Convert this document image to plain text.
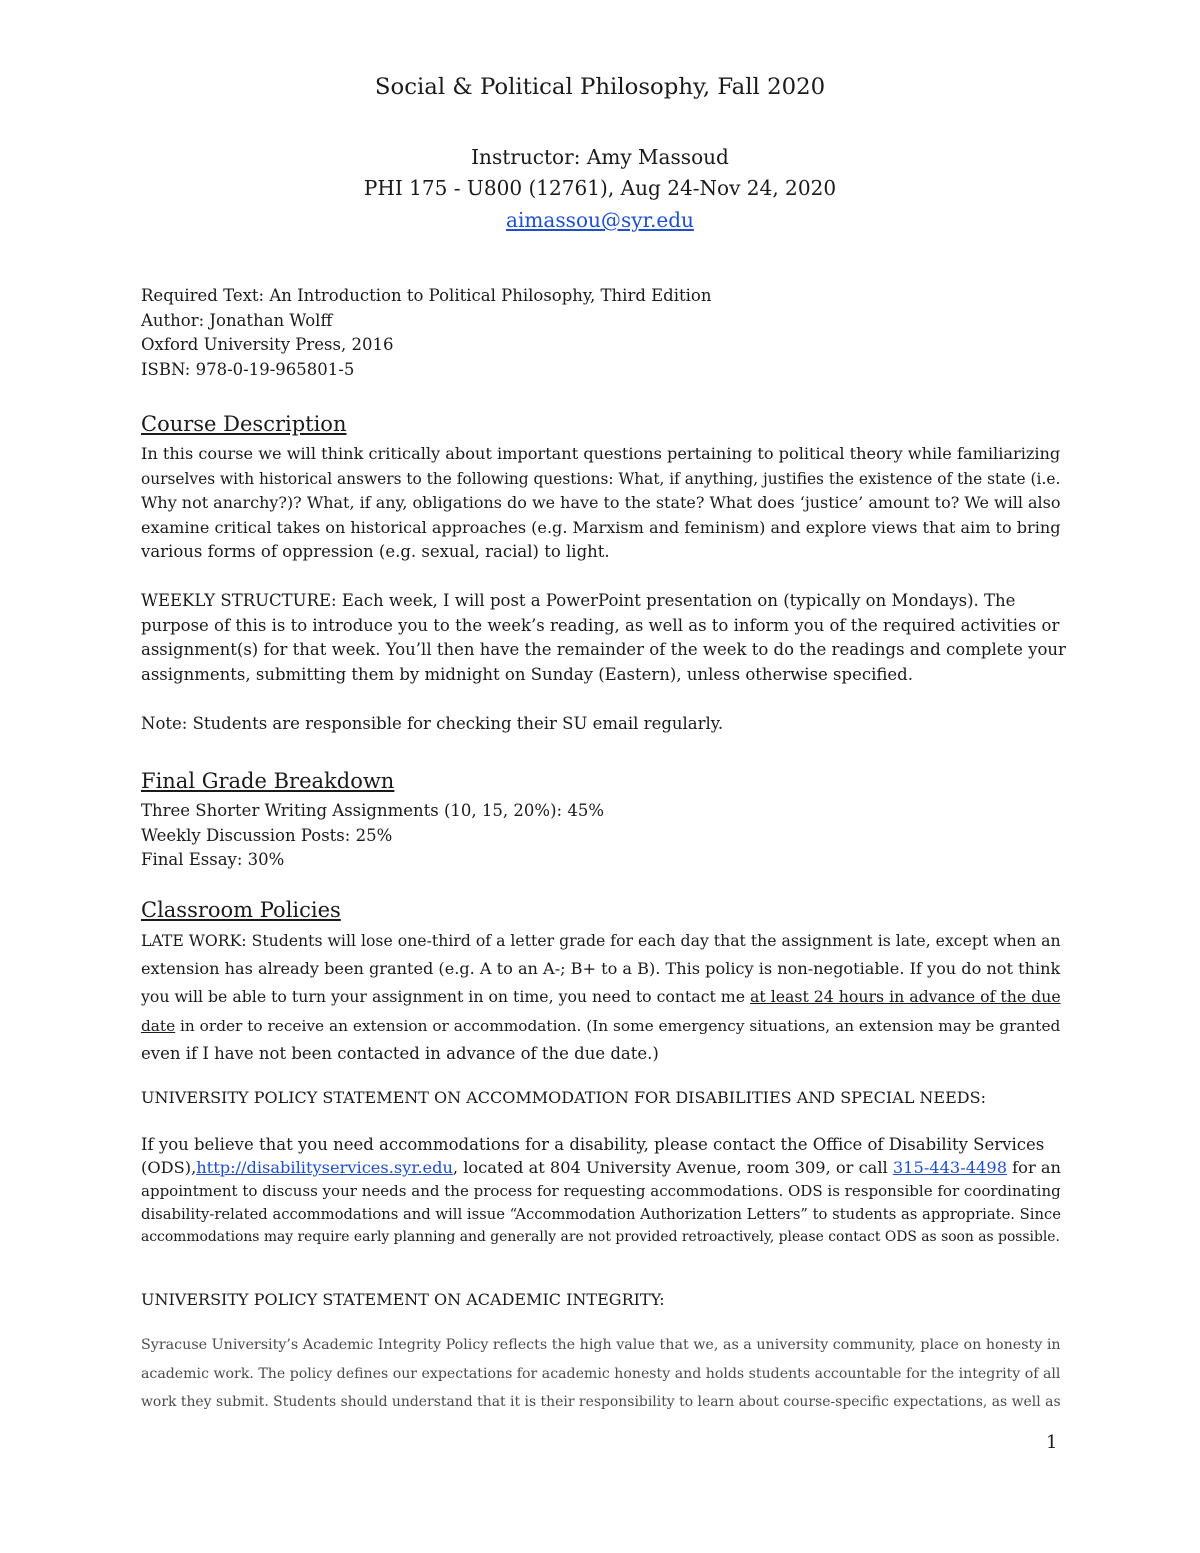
Social & Political Philosophy, Fall 2020
Instructor: Amy Massoud
PHI 175 - U800 (12761), Aug 24-Nov 24, 2020
aimassou@syr.edu
Required Text: An Introduction to Political Philosophy, Third Edition
Author: Jonathan Wolff
Oxford University Press, 2016
ISBN: 978-0-19-965801-5
Course Description
In this course we will think critically about important questions pertaining to political theory while familiarizing
ourselves with historical answers to the following questions: What, if anything, justifies the existence of the state (i.e.
Why not anarchy?)? What, if any, obligations do we have to the state? What does ‘justice’ amount to? We will also
examine critical takes on historical approaches (e.g. Marxism and feminism) and explore views that aim to bring
various forms of oppression (e.g. sexual, racial) to light.
WEEKLY STRUCTURE: Each week, I will post a PowerPoint presentation on (typically on Mondays). The
purpose of this is to introduce you to the week’s reading, as well as to inform you of the required activities or
assignment(s) for that week. You’ll then have the remainder of the week to do the readings and complete your
assignments, submitting them by midnight on Sunday (Eastern), unless otherwise specified.
Note: Students are responsible for checking their SU email regularly.
Final Grade Breakdown
Three Shorter Writing Assignments (10, 15, 20%): 45%
Weekly Discussion Posts: 25%
Final Essay: 30%
Classroom Policies
LATE WORK: Students will lose one-third of a letter grade for each day that the assignment is late, except when an
extension has already been granted (e.g. A to an A-; B+ to a B). This policy is non-negotiable. If you do not think
you will be able to turn your assignment in on time, you need to contact me at least 24 hours in advance of the due
date in order to receive an extension or accommodation. (In some emergency situations, an extension may be granted
even if I have not been contacted in advance of the due date.)
UNIVERSITY POLICY STATEMENT ON ACCOMMODATION FOR DISABILITIES AND SPECIAL NEEDS:
If you believe that you need accommodations for a disability, please contact the Office of Disability Services
(ODS),http://disabilityservices.syr.edu, located at 804 University Avenue, room 309, or call 315-443-4498 for an
appointment to discuss your needs and the process for requesting accommodations. ODS is responsible for coordinating
disability-related accommodations and will issue “Accommodation Authorization Letters” to students as appropriate. Since
accommodations may require early planning and generally are not provided retroactively, please contact ODS as soon as possible.
UNIVERSITY POLICY STATEMENT ON ACADEMIC INTEGRITY:
Syracuse University’s Academic Integrity Policy reflects the high value that we, as a university community, place on honesty in
academic work. The policy defines our expectations for academic honesty and holds students accountable for the integrity of all
work they submit. Students should understand that it is their responsibility to learn about course-specific expectations, as well as
1
